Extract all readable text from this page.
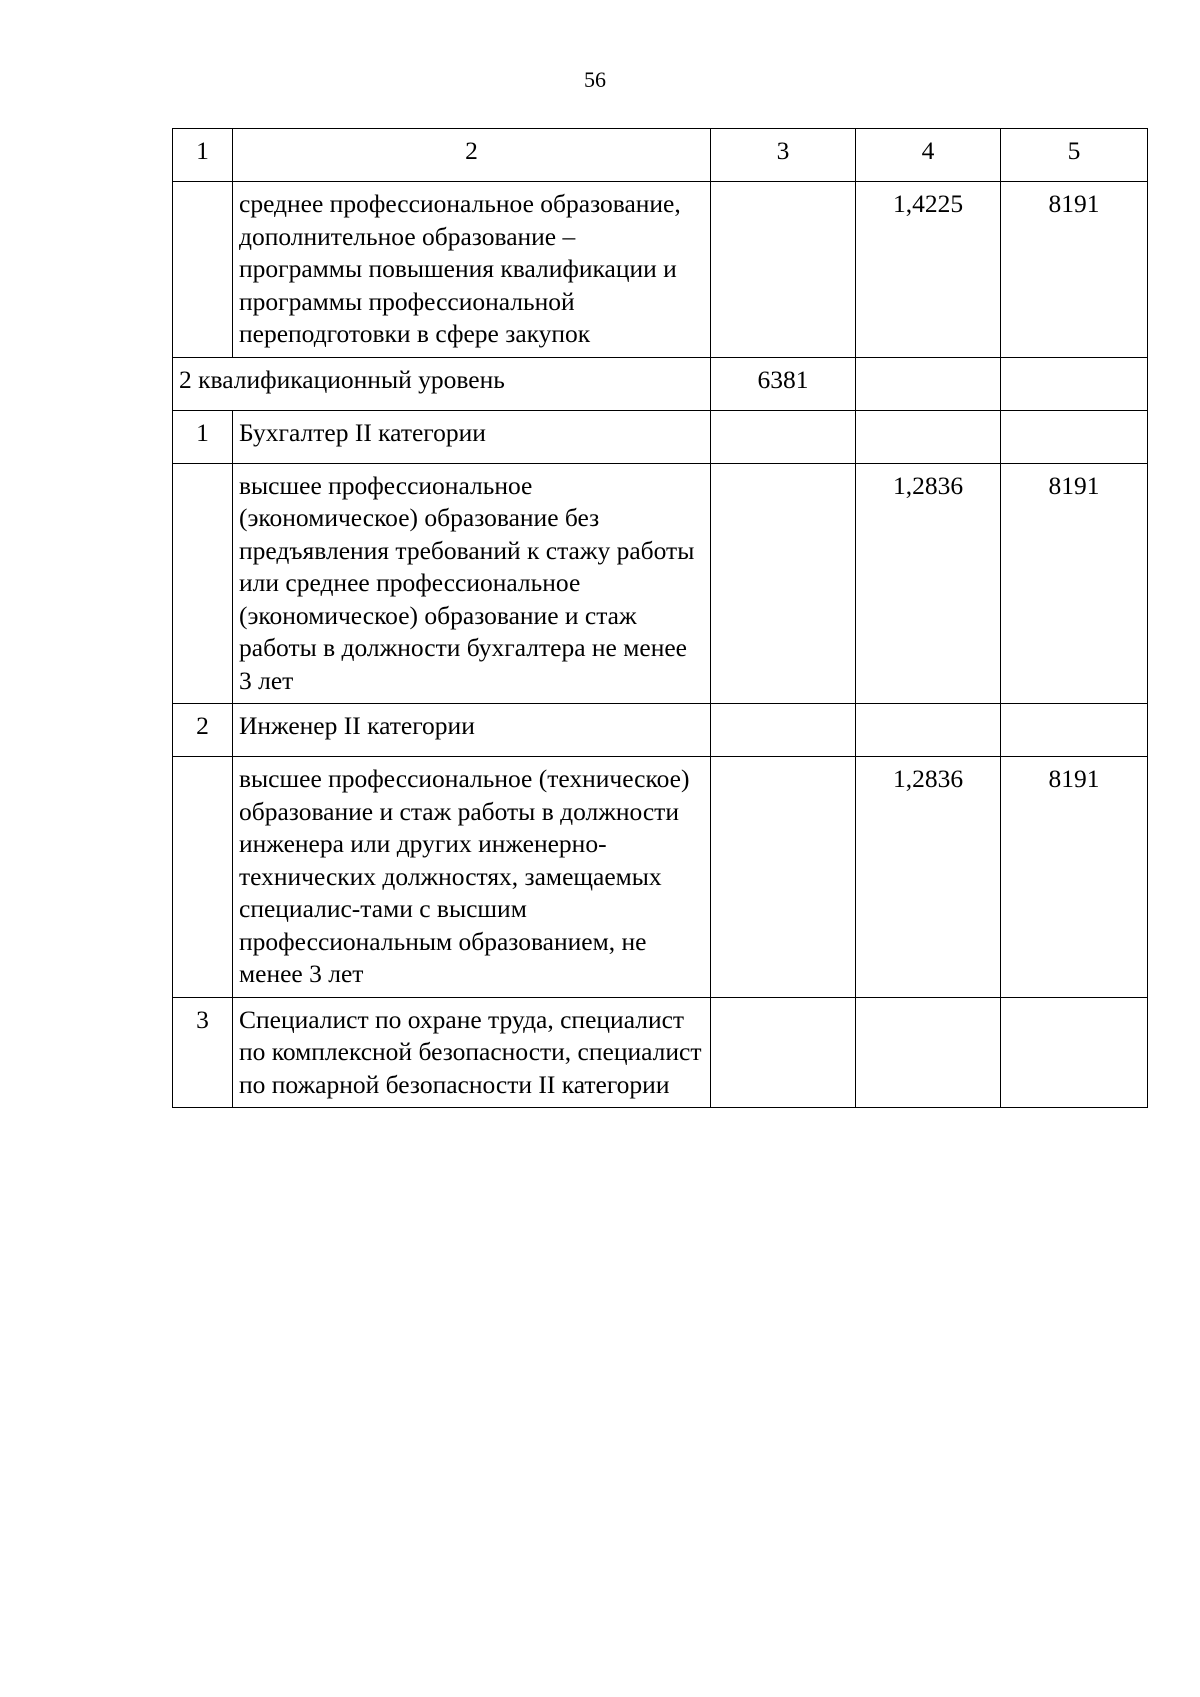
56
1	2	3	4	5
	среднее профессиональное образование, дополнительное образование – программы повышения квалификации и программы профессиональной переподготовки в сфере закупок		1,4225	8191
2 квалификационный уровень		6381		
1	Бухгалтер II категории			
	высшее профессиональное (экономическое) образование без предъявления требований к стажу работы или среднее профессиональное (экономическое) образование и стаж работы в должности бухгалтера не менее 3 лет		1,2836	8191
2	Инженер II категории			
	высшее профессиональное (техническое) образование и стаж работы в должности инженера или других инженерно-технических должностях, замещаемых специалис-тами с высшим профессиональным образованием, не менее 3 лет		1,2836	8191
3	Специалист по охране труда, специалист по комплексной безопасности, специалист по пожарной безопасности II категории			
